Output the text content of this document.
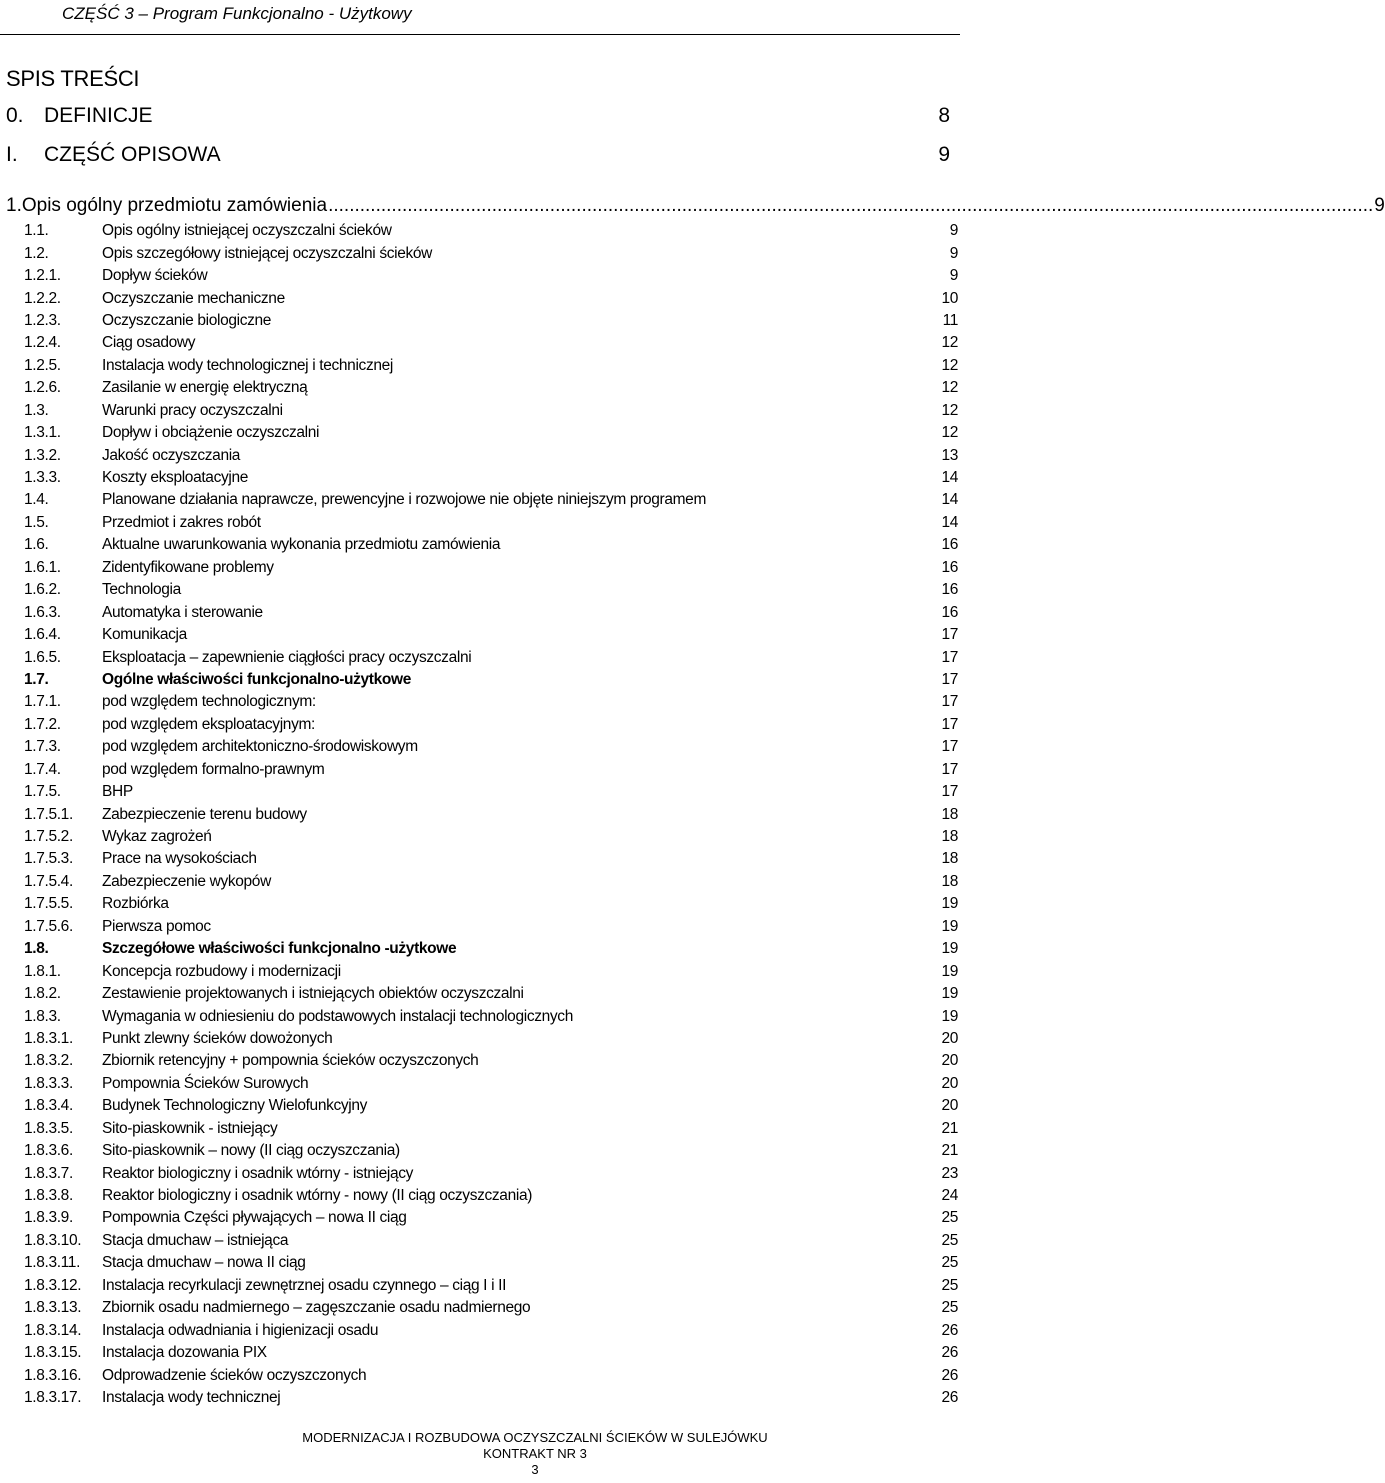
CZĘŚĆ 3 – Program Funkcjonalno - Użytkowy
SPIS TREŚCI
0. DEFINICJE	8
I.	CZĘŚĆ OPISOWA	9
1. Opis ogólny przedmiotu zamówienia ...................................................................................................................................................................................................... 9
1.1.	Opis ogólny istniejącej oczyszczalni ścieków	9
1.2.	Opis szczegółowy istniejącej oczyszczalni ścieków	9
1.2.1.	Dopływ ścieków	9
1.2.2.	Oczyszczanie mechaniczne	10
1.2.3.	Oczyszczanie biologiczne	11
1.2.4.	Ciąg osadowy	12
1.2.5.	Instalacja wody technologicznej i technicznej	12
1.2.6.	Zasilanie w energię elektryczną	12
1.3.	Warunki pracy oczyszczalni	12
1.3.1.	Dopływ i obciążenie oczyszczalni	12
1.3.2.	Jakość oczyszczania	13
1.3.3.	Koszty eksploatacyjne	14
1.4.	Planowane działania naprawcze, prewencyjne i rozwojowe nie objęte niniejszym programem	14
1.5.	Przedmiot i zakres robót	14
1.6.	Aktualne uwarunkowania wykonania przedmiotu zamówienia	16
1.6.1.	Zidentyfikowane problemy	16
1.6.2.	Technologia	16
1.6.3.	Automatyka i sterowanie	16
1.6.4.	Komunikacja	17
1.6.5.	Eksploatacja – zapewnienie ciągłości pracy oczyszczalni	17
1.7.	Ogólne właściwości funkcjonalno-użytkowe	17
1.7.1.	pod względem technologicznym:	17
1.7.2.	pod względem eksploatacyjnym:	17
1.7.3.	pod względem architektoniczno-środowiskowym	17
1.7.4.	pod względem formalno-prawnym	17
1.7.5.	BHP	17
1.7.5.1.	Zabezpieczenie terenu budowy	18
1.7.5.2.	Wykaz zagrożeń	18
1.7.5.3.	Prace na wysokościach	18
1.7.5.4.	Zabezpieczenie wykopów	18
1.7.5.5.	Rozbiórka	19
1.7.5.6.	Pierwsza pomoc	19
1.8.	Szczegółowe właściwości funkcjonalno -użytkowe	19
1.8.1.	Koncepcja rozbudowy i modernizacji	19
1.8.2.	Zestawienie projektowanych i istniejących obiektów oczyszczalni	19
1.8.3.	Wymagania w odniesieniu do podstawowych instalacji technologicznych	19
1.8.3.1.	Punkt zlewny ścieków dowożonych	20
1.8.3.2.	Zbiornik retencyjny + pompownia ścieków oczyszczonych	20
1.8.3.3.	Pompownia Ścieków Surowych	20
1.8.3.4.	Budynek Technologiczny Wielofunkcyjny	20
1.8.3.5.	Sito-piaskownik - istniejący	21
1.8.3.6.	Sito-piaskownik – nowy (II ciąg oczyszczania)	21
1.8.3.7.	Reaktor biologiczny i osadnik wtórny - istniejący	23
1.8.3.8.	Reaktor biologiczny i osadnik wtórny - nowy (II ciąg oczyszczania)	24
1.8.3.9.	Pompownia Części pływających – nowa II ciąg	25
1.8.3.10.	Stacja dmuchaw – istniejąca	25
1.8.3.11.	Stacja dmuchaw – nowa II ciąg	25
1.8.3.12.	Instalacja recyrkulacji zewnętrznej osadu czynnego – ciąg I i II	25
1.8.3.13.	Zbiornik osadu nadmiernego – zagęszczanie osadu nadmiernego	25
1.8.3.14.	Instalacja odwadniania i higienizacji osadu	26
1.8.3.15.	Instalacja dozowania PIX	26
1.8.3.16.	Odprowadzenie ścieków oczyszczonych	26
1.8.3.17.	Instalacja wody technicznej	26
MODERNIZACJA I ROZBUDOWA OCZYSZCZALNI ŚCIEKÓW W SULEJÓWKU
KONTRAKT NR 3
3
